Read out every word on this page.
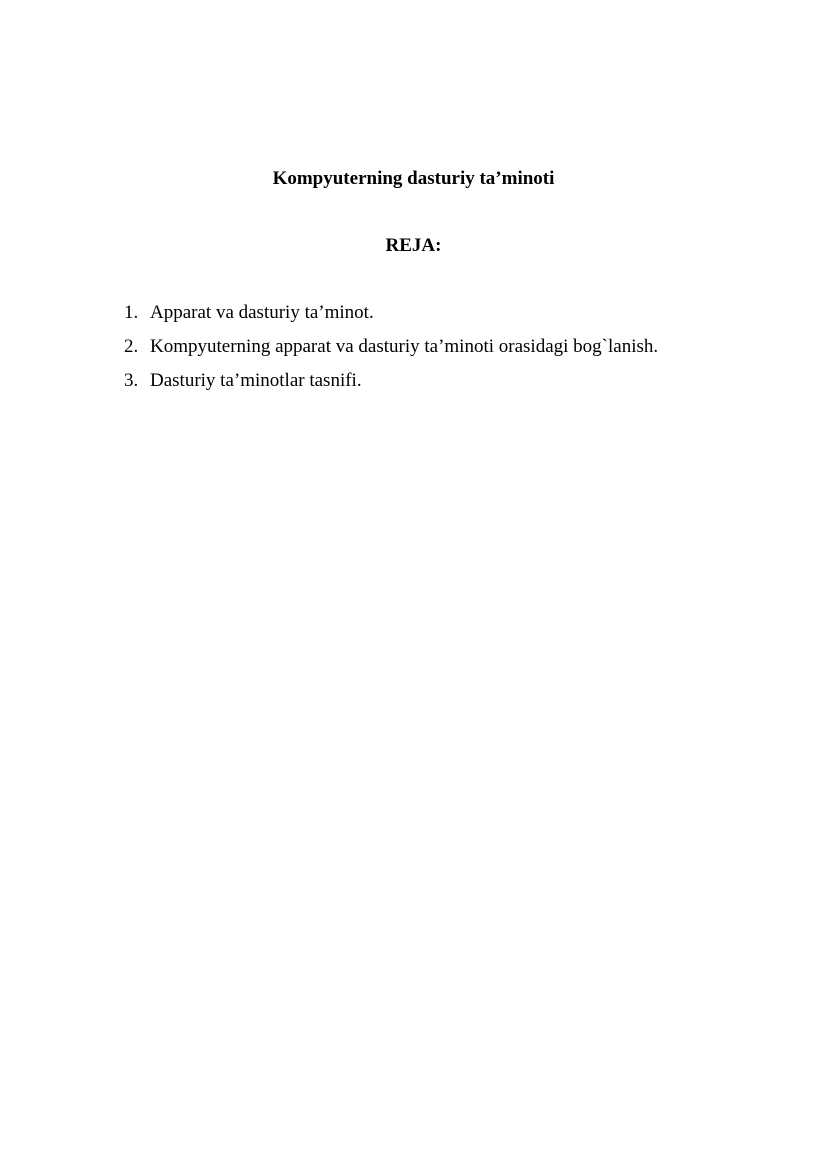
Kompyuterning dasturiy ta’minoti
REJA:
1. Apparat va dasturiy ta’minot.
2. Kompyuterning apparat va dasturiy ta’minoti orasidagi bog`lanish.
3. Dasturiy ta’minotlar tasnifi.
